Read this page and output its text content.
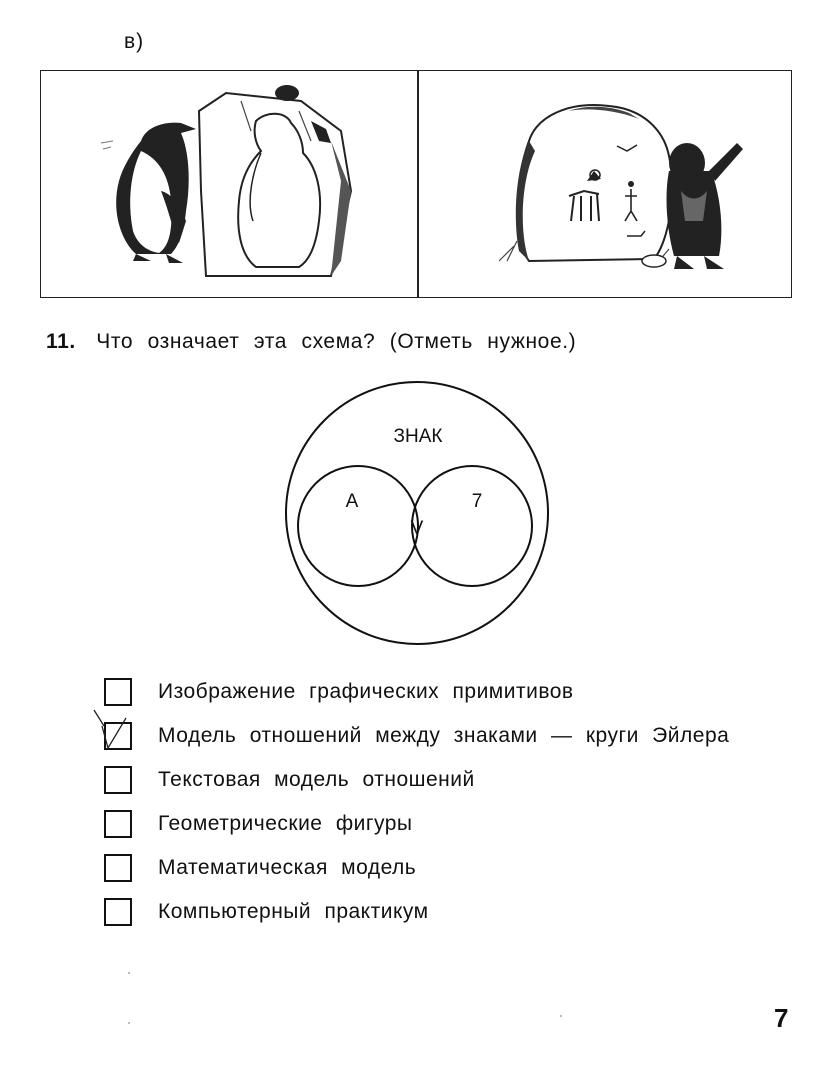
в)
11. Что означает эта схема? (Отметь нужное.)
ЗНАК
A	7
V
Изображение графических примитивов
Модель отношений между знаками — круги Эйлера
Текстовая модель отношений
Геометрические фигуры
Математическая модель
Компьютерный практикум
7
